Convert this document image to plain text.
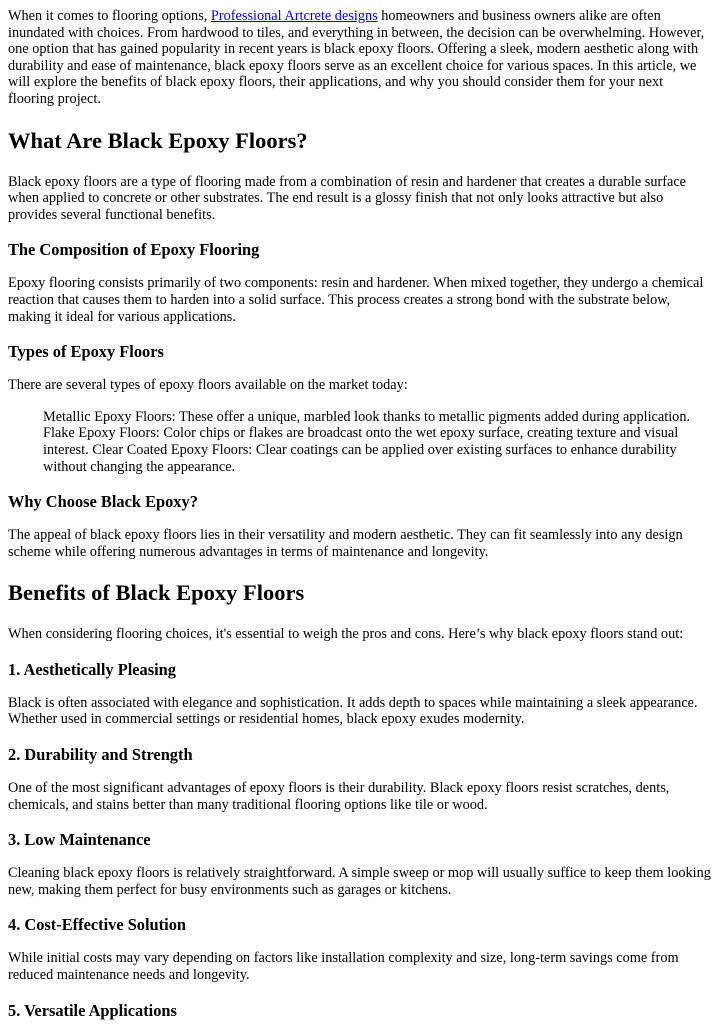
When it comes to flooring options, Professional Artcrete designs homeowners and business owners alike are often inundated with choices. From hardwood to tiles, and everything in between, the decision can be overwhelming. However, one option that has gained popularity in recent years is black epoxy floors. Offering a sleek, modern aesthetic along with durability and ease of maintenance, black epoxy floors serve as an excellent choice for various spaces. In this article, we will explore the benefits of black epoxy floors, their applications, and why you should consider them for your next flooring project.

What Are Black Epoxy Floors?

Black epoxy floors are a type of flooring made from a combination of resin and hardener that creates a durable surface when applied to concrete or other substrates. The end result is a glossy finish that not only looks attractive but also provides several functional benefits.

The Composition of Epoxy Flooring

Epoxy flooring consists primarily of two components: resin and hardener. When mixed together, they undergo a chemical reaction that causes them to harden into a solid surface. This process creates a strong bond with the substrate below, making it ideal for various applications.

Types of Epoxy Floors

There are several types of epoxy floors available on the market today:

Metallic Epoxy Floors: These offer a unique, marbled look thanks to metallic pigments added during application. Flake Epoxy Floors: Color chips or flakes are broadcast onto the wet epoxy surface, creating texture and visual interest. Clear Coated Epoxy Floors: Clear coatings can be applied over existing surfaces to enhance durability without changing the appearance.

Why Choose Black Epoxy?

The appeal of black epoxy floors lies in their versatility and modern aesthetic. They can fit seamlessly into any design scheme while offering numerous advantages in terms of maintenance and longevity.

Benefits of Black Epoxy Floors

When considering flooring choices, it's essential to weigh the pros and cons. Here’s why black epoxy floors stand out:

1. Aesthetically Pleasing

Black is often associated with elegance and sophistication. It adds depth to spaces while maintaining a sleek appearance. Whether used in commercial settings or residential homes, black epoxy exudes modernity.

2. Durability and Strength

One of the most significant advantages of epoxy floors is their durability. Black epoxy floors resist scratches, dents, chemicals, and stains better than many traditional flooring options like tile or wood.

3. Low Maintenance

Cleaning black epoxy floors is relatively straightforward. A simple sweep or mop will usually suffice to keep them looking new, making them perfect for busy environments such as garages or kitchens.

4. Cost-Effective Solution

While initial costs may vary depending on factors like installation complexity and size, long-term savings come from reduced maintenance needs and longevity.

5. Versatile Applications
